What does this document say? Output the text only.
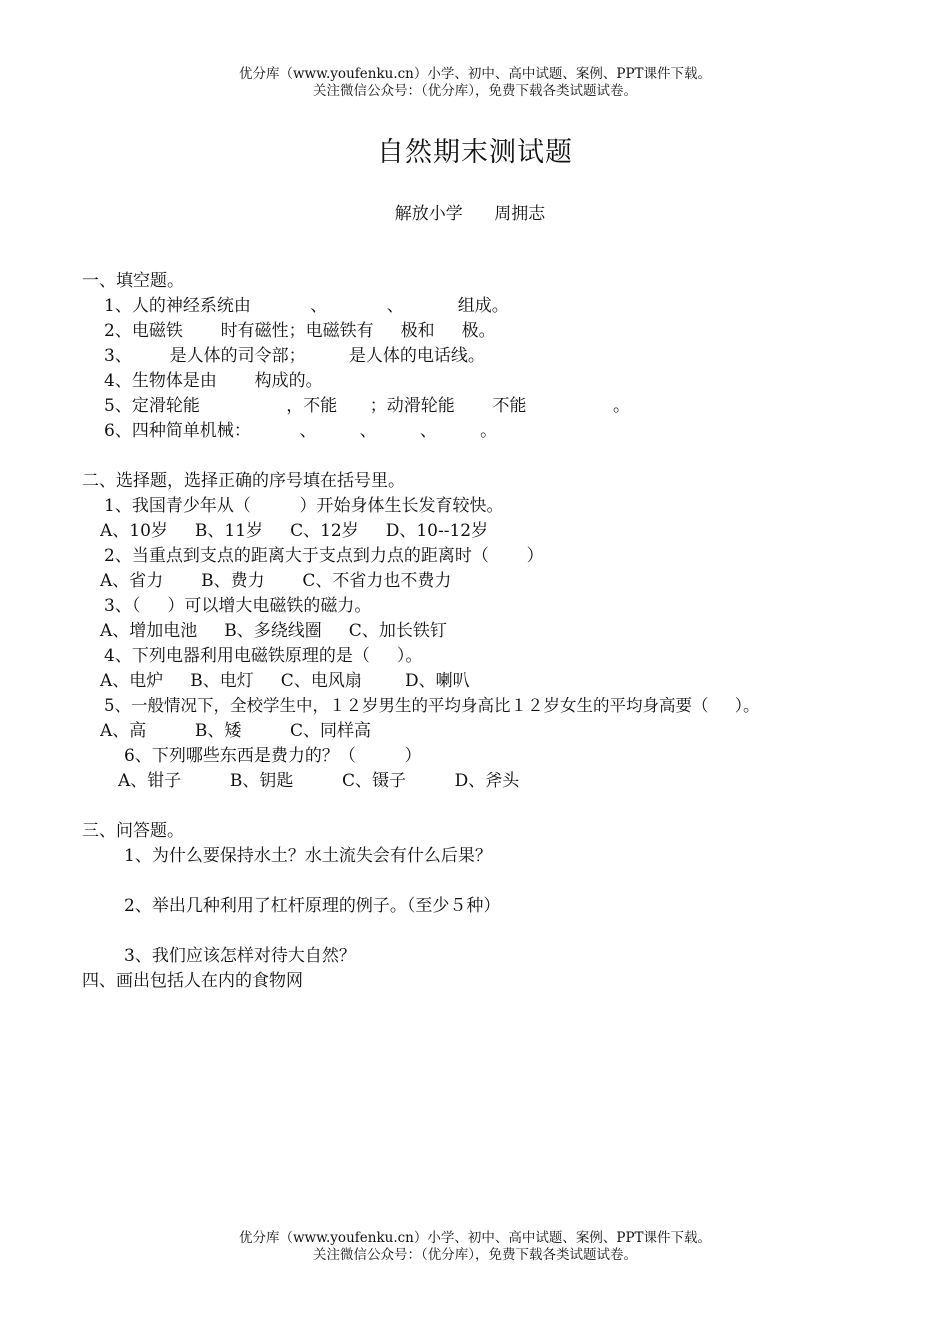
优分库（www.youfenku.cn）小学、初中、高中试题、案例、PPT课件下载。
关注微信公众号：（优分库），免费下载各类试题试卷。
自然期末测试题
解放小学 周拥志
一、填空题。
1、人的神经系统由           、           、          组成。
2、电磁铁       时有磁性；电磁铁有     极和     极。
3、       是人体的司令部；        是人体的电话线。
4、生物体是由       构成的。
5、定滑轮能                ，不能      ；动滑轮能       不能                。
6、四种简单机械：         、        、        、        。
二、选择题，选择正确的序号填在括号里。
1、我国青少年从（         ）开始身体生长发育较快。
A、10岁     B、11岁     C、12岁     D、10--12岁
2、当重点到支点的距离大于支点到力点的距离时（       ）
A、省力       B、费力       C、不省力也不费力
3、（     ）可以增大电磁铁的磁力。
A、增加电池     B、多绕线圈     C、加长铁钉
4、下列电器利用电磁铁原理的是（     ）。
A、电炉     B、电灯     C、电风扇        D、喇叭
5、一般情况下，全校学生中，１２岁男生的平均身高比１２岁女生的平均身高要（     ）。
A、高         B、矮         C、同样高
6、下列哪些东西是费力的？（         ）
A、钳子         B、钥匙         C、镊子         D、斧头
三、问答题。
1、为什么要保持水土？水土流失会有什么后果？
2、举出几种利用了杠杆原理的例子。（至少５种）
3、我们应该怎样对待大自然？
四、画出包括人在内的食物网
优分库（www.youfenku.cn）小学、初中、高中试题、案例、PPT课件下载。
关注微信公众号：（优分库），免费下载各类试题试卷。
